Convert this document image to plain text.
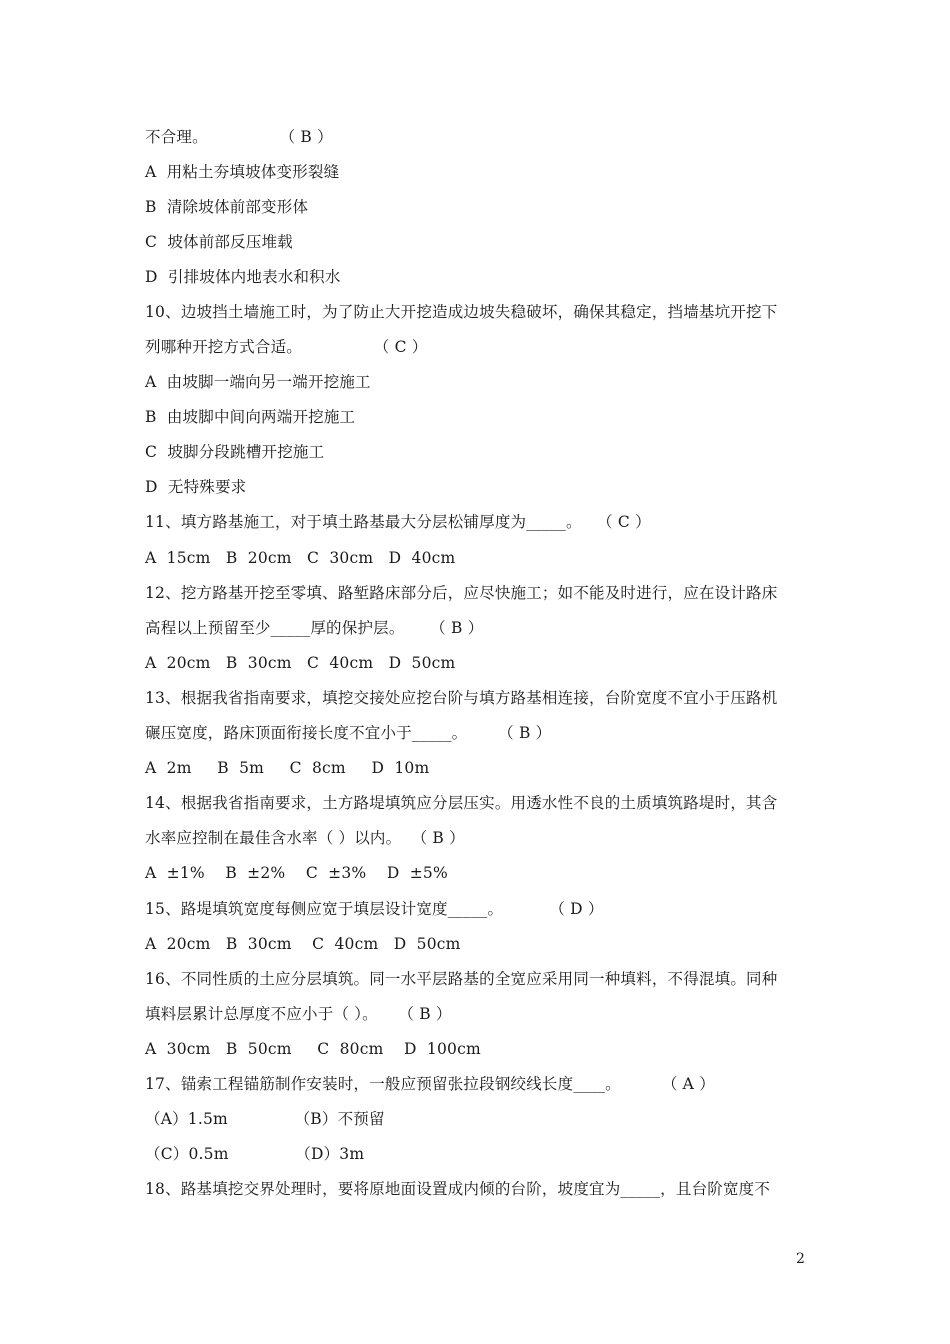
不合理。              （ B ）
A  用粘土夯填坡体变形裂缝
B  清除坡体前部变形体
C  坡体前部反压堆载
D  引排坡体内地表水和积水
10、边坡挡土墙施工时，为了防止大开挖造成边坡失稳破坏，确保其稳定，挡墙基坑开挖下
列哪种开挖方式合适。              （ C ）
A  由坡脚一端向另一端开挖施工
B  由坡脚中间向两端开挖施工
C  坡脚分段跳槽开挖施工
D  无特殊要求
11、填方路基施工，对于填土路基最大分层松铺厚度为_____。   （ C ）
A  15cm   B  20cm   C  30cm   D  40cm
12、挖方路基开挖至零填、路堑路床部分后，应尽快施工；如不能及时进行，应在设计路床
高程以上预留至少_____厚的保护层。     （ B ）
A  20cm   B  30cm   C  40cm   D  50cm
13、根据我省指南要求，填挖交接处应挖台阶与填方路基相连接，台阶宽度不宜小于压路机
碾压宽度，路床顶面衔接长度不宜小于_____。      （ B ）
A  2m     B  5m     C  8cm     D  10m
14、根据我省指南要求，土方路堤填筑应分层压实。用透水性不良的土质填筑路堤时，其含
水率应控制在最佳含水率（ ）以内。  （ B ）
A  ±1%    B  ±2%    C  ±3%    D  ±5%
15、路堤填筑宽度每侧应宽于填层设计宽度_____。         （ D ）
A  20cm   B  30cm    C  40cm   D  50cm
16、不同性质的土应分层填筑。同一水平层路基的全宽应采用同一种填料，不得混填。同种
填料层累计总厚度不应小于（ ）。    （ B ）
A  30cm   B  50cm     C  80cm    D  100cm
17、锚索工程锚筋制作安装时，一般应预留张拉段钢绞线长度____。        （ A ）
（A）1.5m             （B）不预留
（C）0.5m             （D）3m
18、路基填挖交界处理时，要将原地面设置成内倾的台阶，坡度宜为_____，且台阶宽度不
2
